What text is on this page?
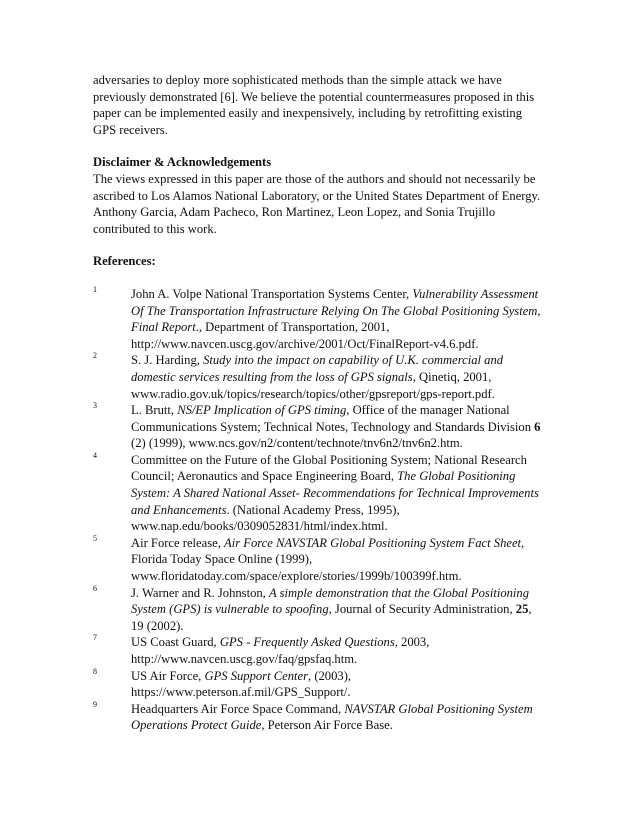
adversaries to deploy more sophisticated methods than the simple attack we have previously demonstrated [6]. We believe the potential countermeasures proposed in this paper can be implemented easily and inexpensively, including by retrofitting existing GPS receivers.

Disclaimer & Acknowledgements

The views expressed in this paper are those of the authors and should not necessarily be ascribed to Los Alamos National Laboratory, or the United States Department of Energy. Anthony Garcia, Adam Pacheco, Ron Martinez, Leon Lopez, and Sonia Trujillo contributed to this work.

References:

1	John A. Volpe National Transportation Systems Center, Vulnerability Assessment Of The Transportation Infrastructure Relying On The Global Positioning System, Final Report., Department of Transportation, 2001, http://www.navcen.uscg.gov/archive/2001/Oct/FinalReport-v4.6.pdf.
2	S. J. Harding, Study into the impact on capability of U.K. commercial and domestic services resulting from the loss of GPS signals, Qinetiq, 2001, www.radio.gov.uk/topics/research/topics/other/gpsreport/gps-report.pdf.
3	L. Brutt, NS/EP Implication of GPS timing, Office of the manager National Communications System; Technical Notes, Technology and Standards Division 6 (2) (1999), www.ncs.gov/n2/content/technote/tnv6n2/tnv6n2.htm.
4	Committee on the Future of the Global Positioning System; National Research Council; Aeronautics and Space Engineering Board, The Global Positioning System: A Shared National Asset- Recommendations for Technical Improvements and Enhancements. (National Academy Press, 1995), www.nap.edu/books/0309052831/html/index.html.
5	Air Force release, Air Force NAVSTAR Global Positioning System Fact Sheet, Florida Today Space Online (1999), www.floridatoday.com/space/explore/stories/1999b/100399f.htm.
6	J. Warner and R. Johnston, A simple demonstration that the Global Positioning System (GPS) is vulnerable to spoofing, Journal of Security Administration, 25, 19 (2002).
7	US Coast Guard, GPS - Frequently Asked Questions, 2003, http://www.navcen.uscg.gov/faq/gpsfaq.htm.
8	US Air Force, GPS Support Center, (2003), https://www.peterson.af.mil/GPS_Support/.
9	Headquarters Air Force Space Command, NAVSTAR Global Positioning System Operations Protect Guide, Peterson Air Force Base.
